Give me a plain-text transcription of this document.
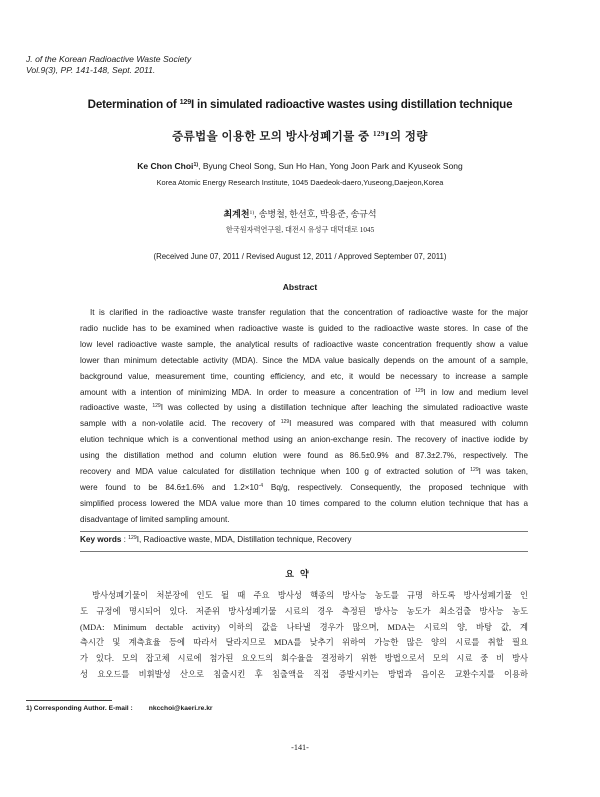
J. of the Korean Radioactive Waste Society
Vol.9(3), PP. 141-148, Sept. 2011.
Determination of $^{129}$I in simulated radioactive wastes using distillation technique
증류법을 이용한 모의 방사성폐기물 중 $^{129}$I의 정량
Ke Chon Choi$^{1)}$, Byung Cheol Song, Sun Ho Han, Yong Joon Park and Kyuseok Song
Korea Atomic Energy Research Institute, 1045 Daedeok-daero,Yuseong,Daejeon,Korea
최계천$^{1)}$, 송병철, 한선호, 박용준, 송규석
한국원자력연구원, 대전시 유성구 대덕대로 1045
(Received June 07, 2011 / Revised August 12, 2011 / Approved September 07, 2011)
Abstract
It is clarified in the radioactive waste transfer regulation that the concentration of radioactive waste for the major
radio nuclide has to be examined when radioactive waste is guided to the radioactive waste stores. In case of the
low level radioactive waste sample, the analytical results of radioactive waste concentration frequently show a value
lower than minimum detectable activity (MDA). Since the MDA value basically depends on the amount of a sample,
background value, measurement time, counting efficiency, and etc, it would be necessary to increase a sample
amount with a intention of minimizing MDA. In order to measure a concentration of $^{129}$I in low and medium level
radioactive waste, $^{129}$I was collected by using a distillation technique after leaching the simulated radioactive waste
sample with a non-volatile acid. The recovery of $^{129}$I measured was compared with that measured with column
elution technique which is a conventional method using an anion-exchange resin. The recovery of inactive iodide by
using the distillation method and column elution were found as 86.5±0.9% and 87.3±2.7%, respectively. The
recovery and MDA value calculated for distillation technique when 100 g of extracted solution of $^{129}$I was taken,
were found to be 84.6±1.6% and $1.2\times 10^{-4}$ Bq/g, respectively. Consequently, the proposed technique with
simplified process lowered the MDA value more than 10 times compared to the column elution technique that has a
disadvantage of limited sampling amount.
Key words : $^{129}$I, Radioactive waste, MDA, Distillation technique, Recovery
요약
방사성폐기물이 처분장에 인도 될 때 주요 방사성 핵종의 방사능 농도를 규명 하도록 방사성폐기물 인
도 규정에 명시되어 있다. 저준위 방사성폐기물 시료의 경우 측정된 방사능 농도가 최소검출 방사능 농도
(MDA: Minimum dectable activity) 이하의 값을 나타낼 경우가 많으며, MDA는 시료의 양, 바탕 값, 계
측시간 및 계측효율 등에 따라서 달라지므로 MDA를 낮추기 위하여 가능한 많은 양의 시료를 취할 필요
가 있다. 모의 잡고체 시료에 첨가된 요오드의 회수율을 결정하기 위한 방법으로서 모의 시료 중 비 방사
성 요오드를 비휘발성 산으로 침출시킨 후 침출액을 직접 증발시키는 방법과 음이온 교환수지를 이용하
1) Corresponding Author. E-mail : nkcchoi@kaeri.re.kr
-141-
